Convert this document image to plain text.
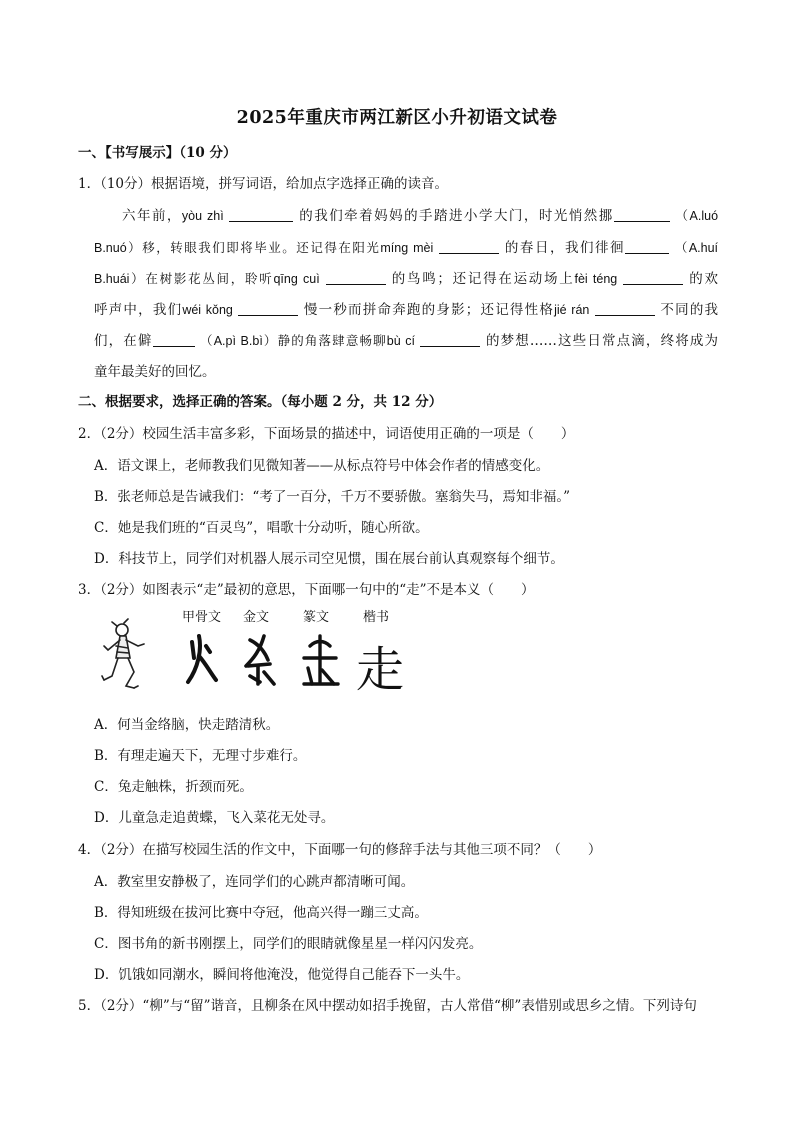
2025年重庆市两江新区小升初语文试卷
一、【书写展示】（10 分）
1．（10分）根据语境，拼写词语，给加点字选择正确的读音。
六年前，yòu zhì	的我们牵着妈妈的手踏进小学大门，时光悄然挪	（A.luó
B.nuó）移，转眼我们即将毕业。还记得在阳光míng mèi	的春日，我们徘徊	（A.huí
B.huái）在树影花丛间，聆听qīng cuì	的鸟鸣；还记得在运动场上fèi téng	的欢
呼声中，我们wéi kǒng	慢一秒而拼命奔跑的身影；还记得性格jié rán	不同的我
们，在僻	（A.pì B.bì）静的角落肆意畅聊bù cí	的梦想……这些日常点滴，终将成为
童年最美好的回忆。
二、根据要求，选择正确的答案。（每小题 2 分，共 12 分）
2．（2分）校园生活丰富多彩，下面场景的描述中，词语使用正确的一项是（　　）
A．语文课上，老师教我们见微知著——从标点符号中体会作者的情感变化。
B．张老师总是告诫我们：“考了一百分，千万不要骄傲。塞翁失马，焉知非福。”
C．她是我们班的“百灵鸟”，唱歌十分动听，随心所欲。
D．科技节上，同学们对机器人展示司空见惯，围在展台前认真观察每个细节。
3．（2分）如图表示“走”最初的意思，下面哪一句中的“走”不是本义（　　）
甲骨文 金文	篆文	楷书
走
A．何当金络脑，快走踏清秋。
B．有理走遍天下，无理寸步难行。
C．兔走触株，折颈而死。
D．儿童急走追黄蝶，飞入菜花无处寻。
4．（2分）在描写校园生活的作文中，下面哪一句的修辞手法与其他三项不同？（　　）
A．教室里安静极了，连同学们的心跳声都清晰可闻。
B．得知班级在拔河比赛中夺冠，他高兴得一蹦三丈高。
C．图书角的新书刚摆上，同学们的眼睛就像星星一样闪闪发亮。
D．饥饿如同潮水，瞬间将他淹没，他觉得自己能吞下一头牛。
5．（2分）“柳”与“留”谐音，且柳条在风中摆动如招手挽留，古人常借“柳”表惜别或思乡之情。下列诗句
